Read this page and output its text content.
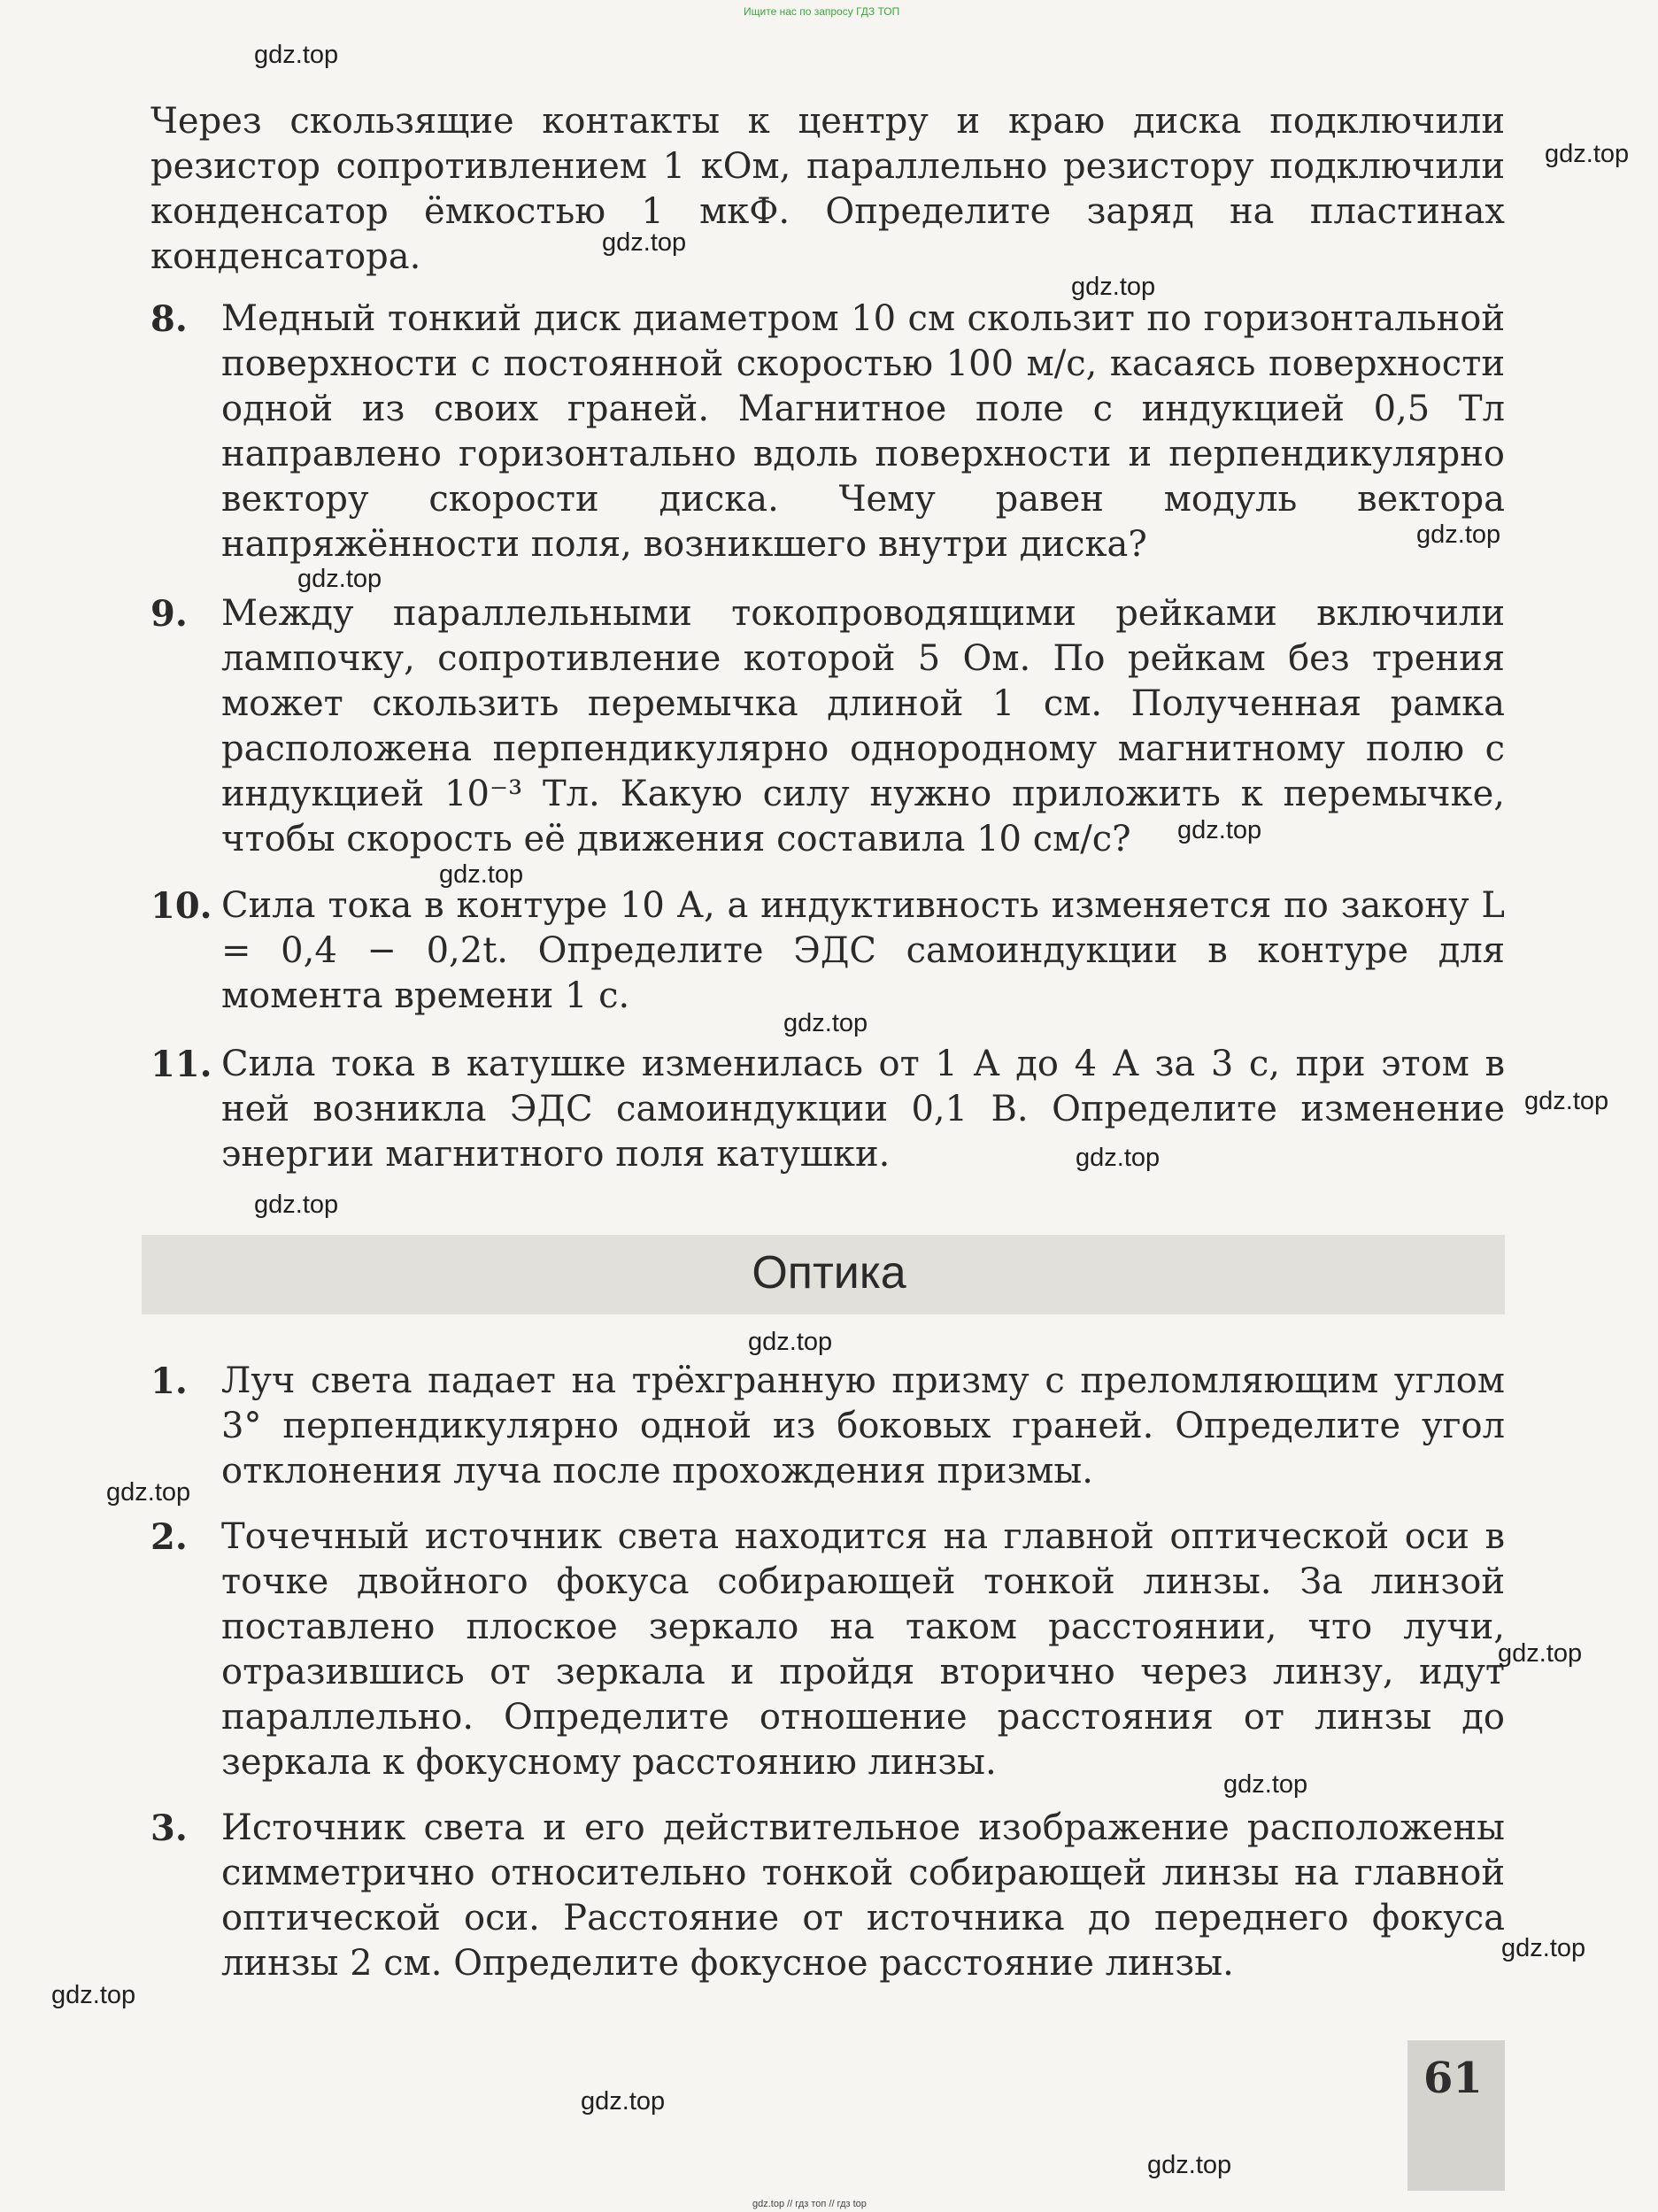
Ищите нас по запросу ГДЗ ТОП
Через скользящие контакты к центру и краю диска подключили резистор сопротивлением 1 кОм, параллельно резистору подключили конденсатор ёмкостью 1 мкФ. Определите заряд на пластинах конденсатора.
8. Медный тонкий диск диаметром 10 см скользит по горизонтальной поверхности с постоянной скоростью 100 м/с, касаясь поверхности одной из своих граней. Магнитное поле с индукцией 0,5 Тл направлено горизонтально вдоль поверхности и перпендикулярно вектору скорости диска. Чему равен модуль вектора напряжённости поля, возникшего внутри диска?
9. Между параллельными токопроводящими рейками включили лампочку, сопротивление которой 5 Ом. По рейкам без трения может скользить перемычка длиной 1 см. Полученная рамка расположена перпендикулярно однородному магнитному полю с индукцией 10⁻³ Тл. Какую силу нужно приложить к перемычке, чтобы скорость её движения составила 10 см/с?
10. Сила тока в контуре 10 А, а индуктивность изменяется по закону L = 0,4 − 0,2t. Определите ЭДС самоиндукции в контуре для момента времени 1 с.
11. Сила тока в катушке изменилась от 1 А до 4 А за 3 с, при этом в ней возникла ЭДС самоиндукции 0,1 В. Определите изменение энергии магнитного поля катушки.
Оптика
1. Луч света падает на трёхгранную призму с преломляющим углом 3° перпендикулярно одной из боковых граней. Определите угол отклонения луча после прохождения призмы.
2. Точечный источник света находится на главной оптической оси в точке двойного фокуса собирающей тонкой линзы. За линзой поставлено плоское зеркало на таком расстоянии, что лучи, отразившись от зеркала и пройдя вторично через линзу, идут параллельно. Определите отношение расстояния от линзы до зеркала к фокусному расстоянию линзы.
3. Источник света и его действительное изображение расположены симметрично относительно тонкой собирающей линзы на главной оптической оси. Расстояние от источника до переднего фокуса линзы 2 см. Определите фокусное расстояние линзы.
61
gdz.top
gdz.top
gdz.top
gdz.top
gdz.top
gdz.top
gdz.top
gdz.top
gdz.top
gdz.top
gdz.top
gdz.top
gdz.top
gdz.top
gdz.top
gdz.top
gdz.top
gdz.top
gdz.top
gdz.top
gdz.top // гдз топ // гдз top
